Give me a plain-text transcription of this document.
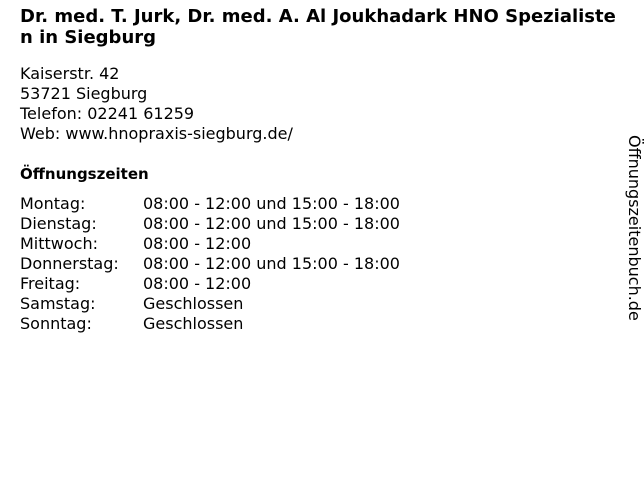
Dr. med. T. Jurk, Dr. med. A. Al Joukhadark HNO Spezialisten in Siegburg
Kaiserstr. 42
53721 Siegburg
Telefon: 02241 61259
Web: www.hnopraxis-siegburg.de/
Öffnungszeiten
Montag:	08:00 - 12:00 und 15:00 - 18:00
Dienstag:	08:00 - 12:00 und 15:00 - 18:00
Mittwoch:	08:00 - 12:00
Donnerstag:	08:00 - 12:00 und 15:00 - 18:00
Freitag:	08:00 - 12:00
Samstag:	Geschlossen
Sonntag:	Geschlossen
Öffnungszeitenbuch.de
